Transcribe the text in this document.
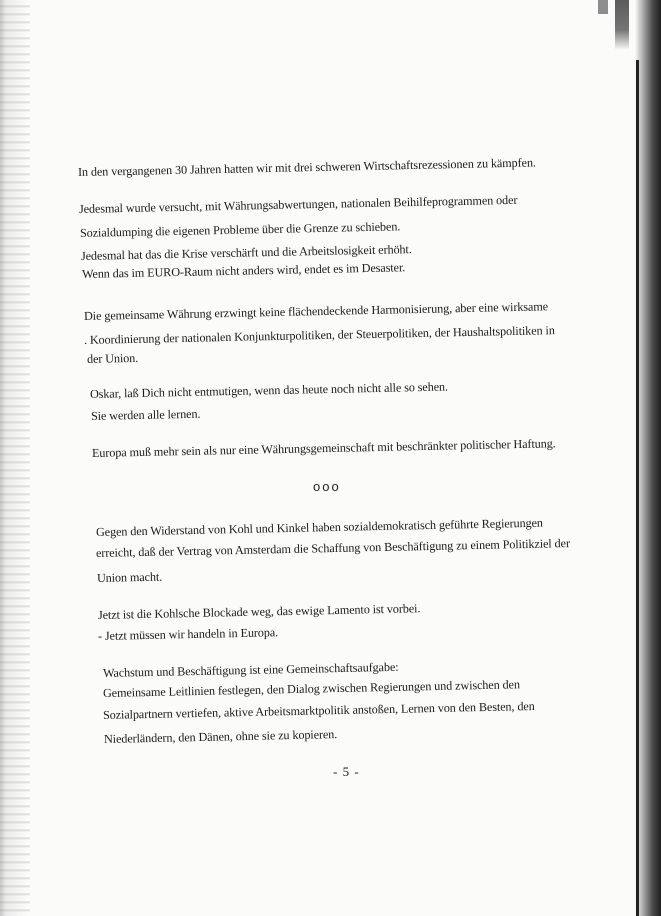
In den vergangenen 30 Jahren hatten wir mit drei schweren Wirtschaftsrezessionen zu kämpfen.
Jedesmal wurde versucht, mit Währungsabwertungen, nationalen Beihilfeprogrammen oder
Sozialdumping die eigenen Probleme über die Grenze zu schieben.
Jedesmal hat das die Krise verschärft und die Arbeitslosigkeit erhöht.
Wenn das im EURO-Raum nicht anders wird, endet es im Desaster.
Die gemeinsame Währung erzwingt keine flächendeckende Harmonisierung, aber eine wirksame
. Koordinierung der nationalen Konjunkturpolitiken, der Steuerpolitiken, der Haushaltspolitiken in
der Union.
Oskar, laß Dich nicht entmutigen, wenn das heute noch nicht alle so sehen.
Sie werden alle lernen.
Europa muß mehr sein als nur eine Währungsgemeinschaft mit beschränkter politischer Haftung.
ooo
Gegen den Widerstand von Kohl und Kinkel haben sozialdemokratisch geführte Regierungen
erreicht, daß der Vertrag von Amsterdam die Schaffung von Beschäftigung zu einem Politikziel der
Union macht.
Jetzt ist die Kohlsche Blockade weg, das ewige Lamento ist vorbei.
- Jetzt müssen wir handeln in Europa.
Wachstum und Beschäftigung ist eine Gemeinschaftsaufgabe:
Gemeinsame Leitlinien festlegen, den Dialog zwischen Regierungen und zwischen den
Sozialpartnern vertiefen, aktive Arbeitsmarktpolitik anstoßen, Lernen von den Besten, den
Niederländern, den Dänen, ohne sie zu kopieren.
- 5 -
